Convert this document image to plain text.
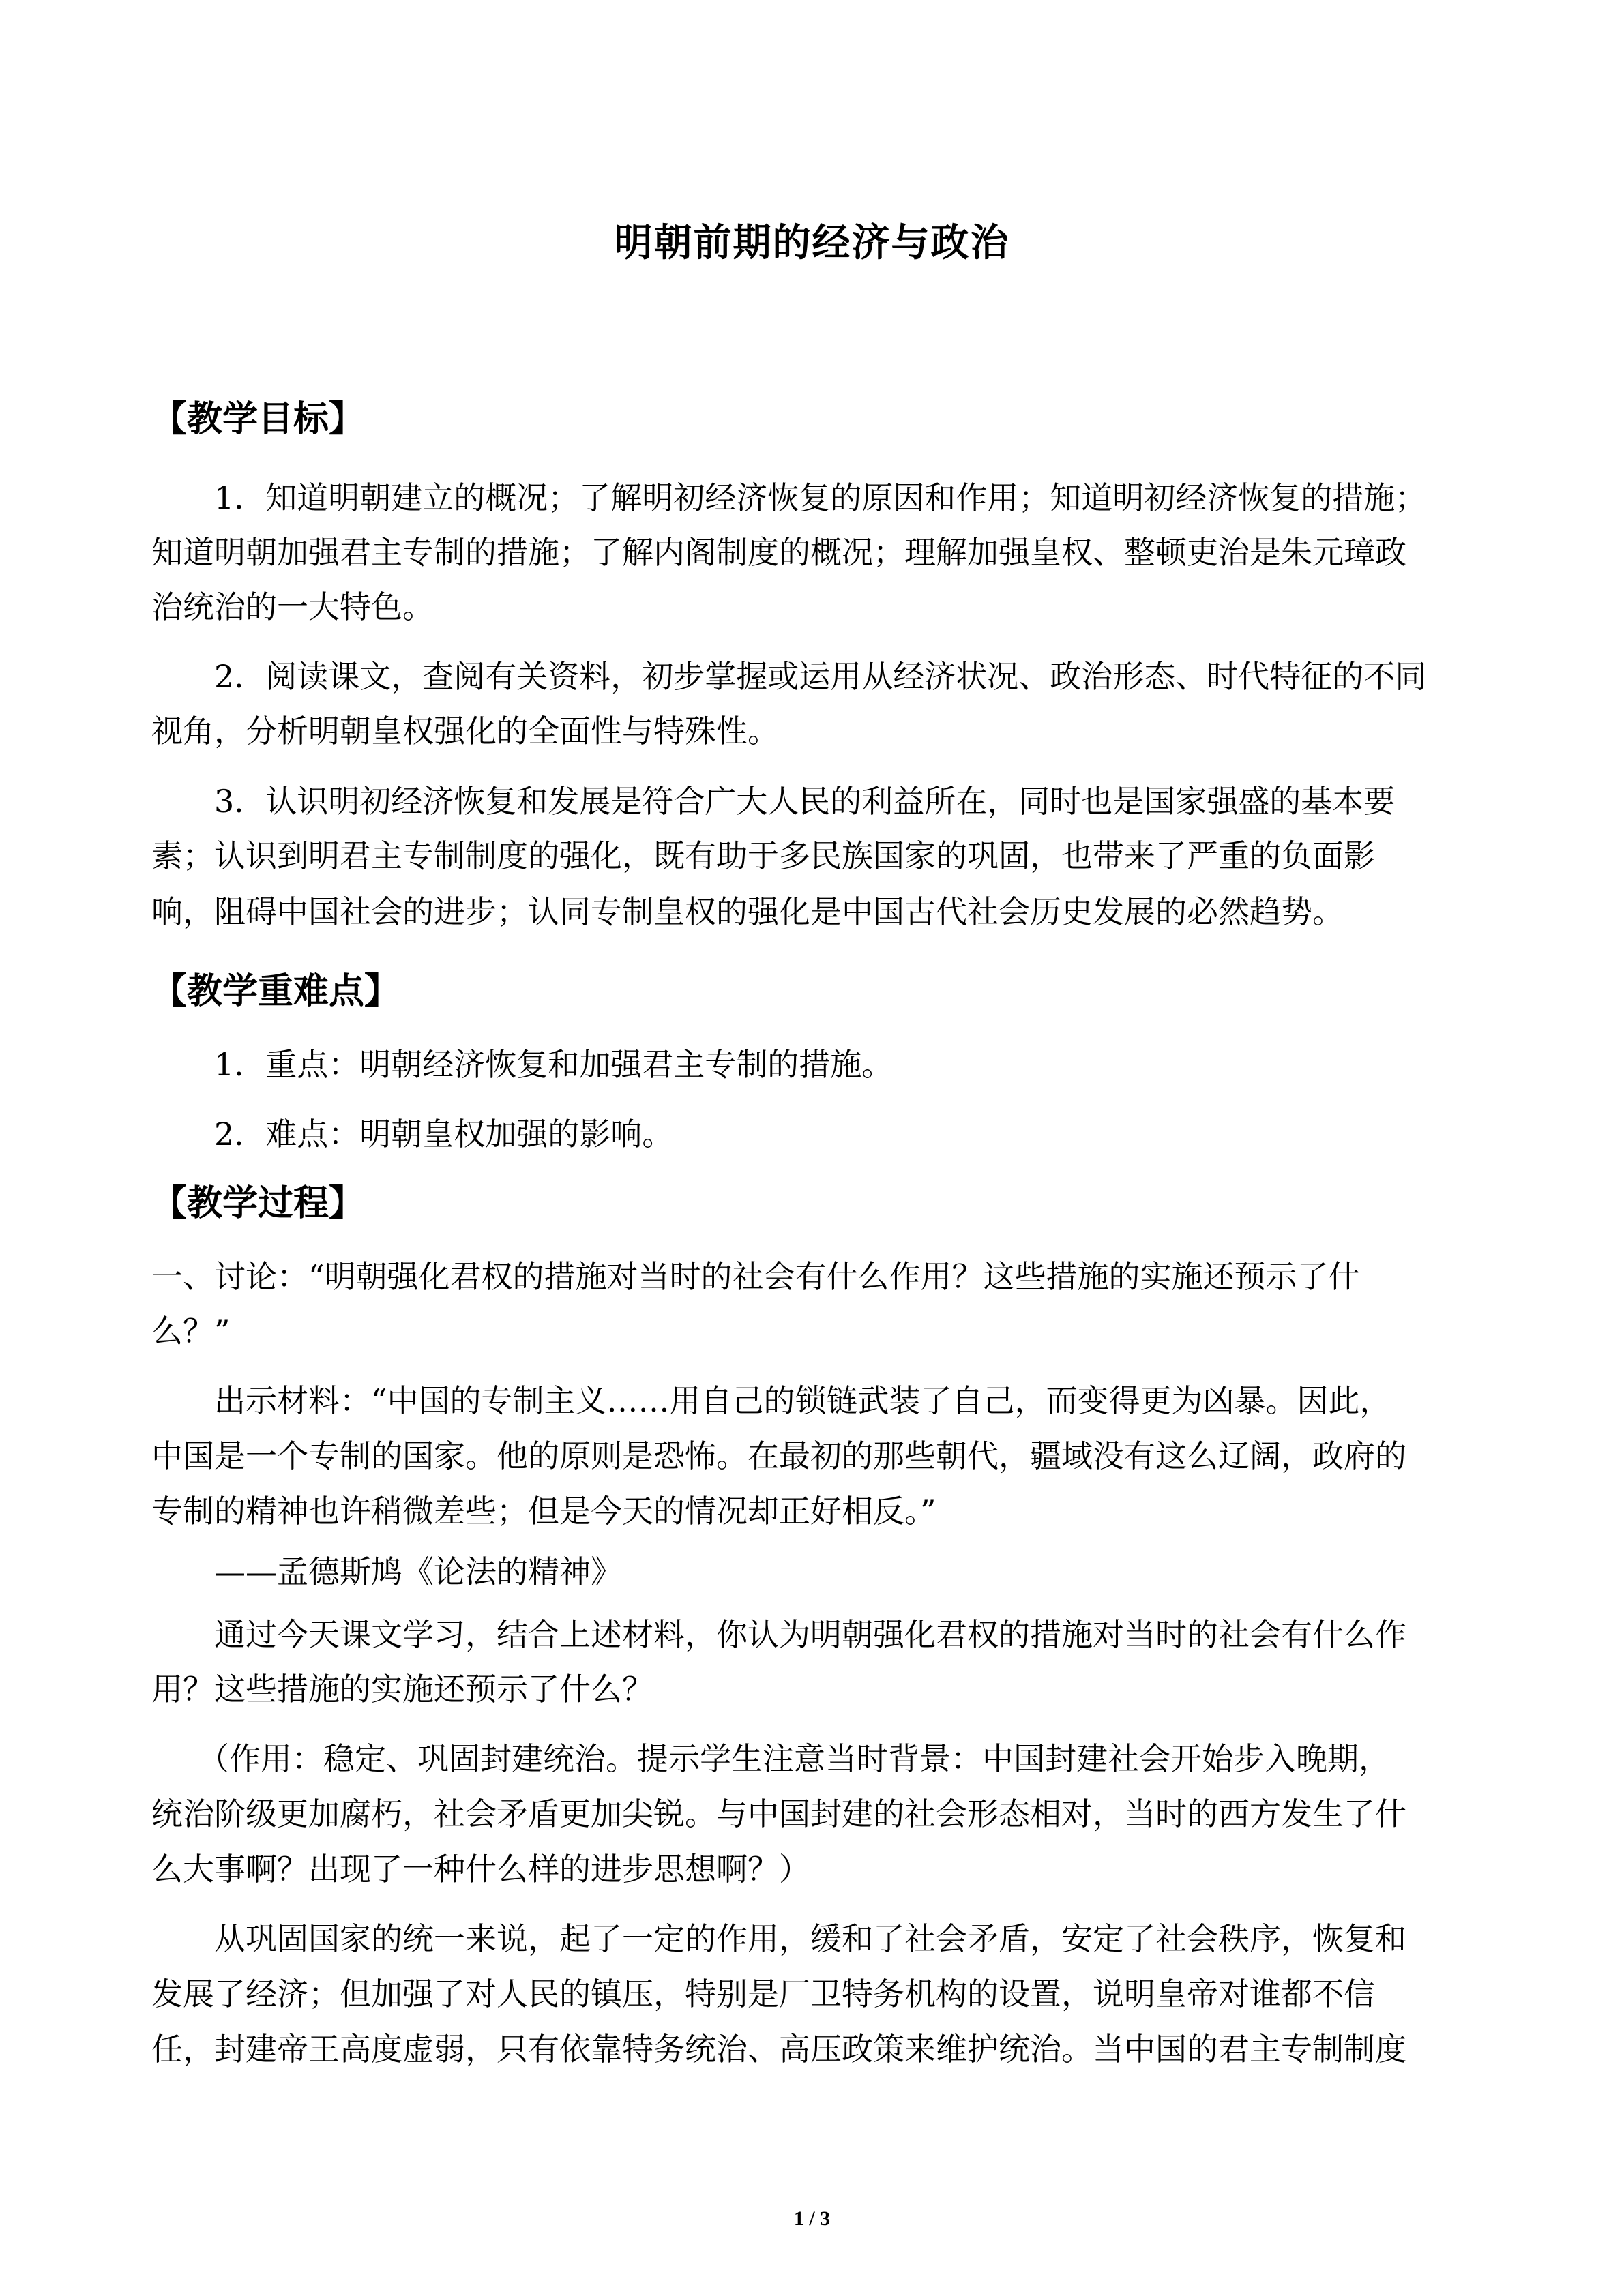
明朝前期的经济与政治
【教学目标】
1．知道明朝建立的概况；了解明初经济恢复的原因和作用；知道明初经济恢复的措施；
知道明朝加强君主专制的措施；了解内阁制度的概况；理解加强皇权、整顿吏治是朱元璋政
治统治的一大特色。
2．阅读课文，查阅有关资料，初步掌握或运用从经济状况、政治形态、时代特征的不同
视角，分析明朝皇权强化的全面性与特殊性。
3．认识明初经济恢复和发展是符合广大人民的利益所在，同时也是国家强盛的基本要
素；认识到明君主专制制度的强化，既有助于多民族国家的巩固，也带来了严重的负面影
响，阻碍中国社会的进步；认同专制皇权的强化是中国古代社会历史发展的必然趋势。
【教学重难点】
1．重点：明朝经济恢复和加强君主专制的措施。
2．难点：明朝皇权加强的影响。
【教学过程】
一、讨论：“明朝强化君权的措施对当时的社会有什么作用？这些措施的实施还预示了什
么？”
出示材料：“中国的专制主义……用自己的锁链武装了自己，而变得更为凶暴。因此，
中国是一个专制的国家。他的原则是恐怖。在最初的那些朝代，疆域没有这么辽阔，政府的
专制的精神也许稍微差些；但是今天的情况却正好相反。”
——孟德斯鸠《论法的精神》
通过今天课文学习，结合上述材料，你认为明朝强化君权的措施对当时的社会有什么作
用？这些措施的实施还预示了什么？
（作用：稳定、巩固封建统治。提示学生注意当时背景：中国封建社会开始步入晚期，
统治阶级更加腐朽，社会矛盾更加尖锐。与中国封建的社会形态相对，当时的西方发生了什
么大事啊？出现了一种什么样的进步思想啊？）
从巩固国家的统一来说，起了一定的作用，缓和了社会矛盾，安定了社会秩序，恢复和
发展了经济；但加强了对人民的镇压，特别是厂卫特务机构的设置，说明皇帝对谁都不信
任，封建帝王高度虚弱，只有依靠特务统治、高压政策来维护统治。当中国的君主专制制度
1 / 3
